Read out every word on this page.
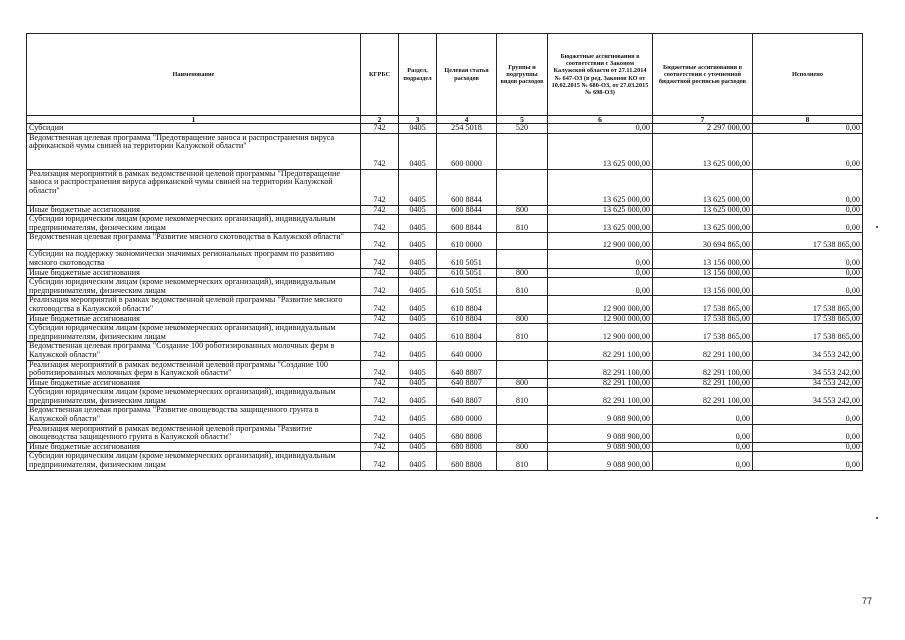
Наименование	КГРБС	Раздел, подраздел	Целевая статья расходов	Группы и подгруппы видов расходов	Бюджетные ассигнования в соответствии с Законом Калужской области от 27.11.2014 № 647-ОЗ (в ред. Законов КО от 10.02.2015 № 680-ОЗ, от 27.03.2015 № 698-ОЗ)	Бюджетные ассигнования в соответствии с уточненной бюджетной росписью расходов	Исполнено
1	2	3	4	5	6	7	8
Субсидии	742	0405	254 5018	520	0,00	2 297 000,00	0,00
Ведомственная целевая программа "Предотвращение заноса и распространения вируса африканской чумы свиней на территории Калужской области"	742	0405	600 0000		13 625 000,00	13 625 000,00	0,00
Реализация мероприятий в рамках ведомственной целевой программы "Предотвращение заноса и распространения вируса африканской чумы свиней на территории Калужской области"	742	0405	600 8844		13 625 000,00	13 625 000,00	0,00
Иные бюджетные ассигнования	742	0405	600 8844	800	13 625 000,00	13 625 000,00	0,00
Субсидии юридическим лицам (кроме некоммерческих организаций), индивидуальным предпринимателям, физическим лицам	742	0405	600 8844	810	13 625 000,00	13 625 000,00	0,00
Ведомственная целевая программа "Развитие мясного скотоводства в Калужской области"	742	0405	610 0000		12 900 000,00	30 694 865,00	17 538 865,00
Субсидии на поддержку экономически значимых региональных программ по развитию мясного скотоводства	742	0405	610 5051		0,00	13 156 000,00	0,00
Иные бюджетные ассигнования	742	0405	610 5051	800	0,00	13 156 000,00	0,00
Субсидии юридическим лицам (кроме некоммерческих организаций), индивидуальным предпринимателям, физическим лицам	742	0405	610 5051	810	0,00	13 156 000,00	0,00
Реализация мероприятий в рамках ведомственной целевой программы "Развитие мясного скотоводства в Калужской области"	742	0405	610 8804		12 900 000,00	17 538 865,00	17 538 865,00
Иные бюджетные ассигнования	742	0405	610 8804	800	12 900 000,00	17 538 865,00	17 538 865,00
Субсидии юридическим лицам (кроме некоммерческих организаций), индивидуальным предпринимателям, физическим лицам	742	0405	610 8804	810	12 900 000,00	17 538 865,00	17 538 865,00
Ведомственная целевая программа "Создание 100 роботизированных молочных ферм в Калужской области"	742	0405	640 0000		82 291 100,00	82 291 100,00	34 553 242,00
Реализация мероприятий в рамках ведомственной целевой программы "Создание 100 роботизированных молочных ферм в Калужской области"	742	0405	640 8807		82 291 100,00	82 291 100,00	34 553 242,00
Иные бюджетные ассигнования	742	0405	640 8807	800	82 291 100,00	82 291 100,00	34 553 242,00
Субсидии юридическим лицам (кроме некоммерческих организаций), индивидуальным предпринимателям, физическим лицам	742	0405	640 8807	810	82 291 100,00	82 291 100,00	34 553 242,00
Ведомственная целевая программа "Развитие овощеводства защищенного грунта в Калужской области"	742	0405	680 0000		9 088 900,00	0,00	0,00
Реализация мероприятий в рамках ведомственной целевой программы "Развитие овощеводства защищенного грунта в Калужской области"	742	0405	680 8808		9 088 900,00	0,00	0,00
Иные бюджетные ассигнования	742	0405	680 8808	800	9 088 900,00	0,00	0,00
Субсидии юридическим лицам (кроме некоммерческих организаций), индивидуальным предпринимателям, физическим лицам	742	0405	680 8808	810	9 088 900,00	0,00	0,00
77
